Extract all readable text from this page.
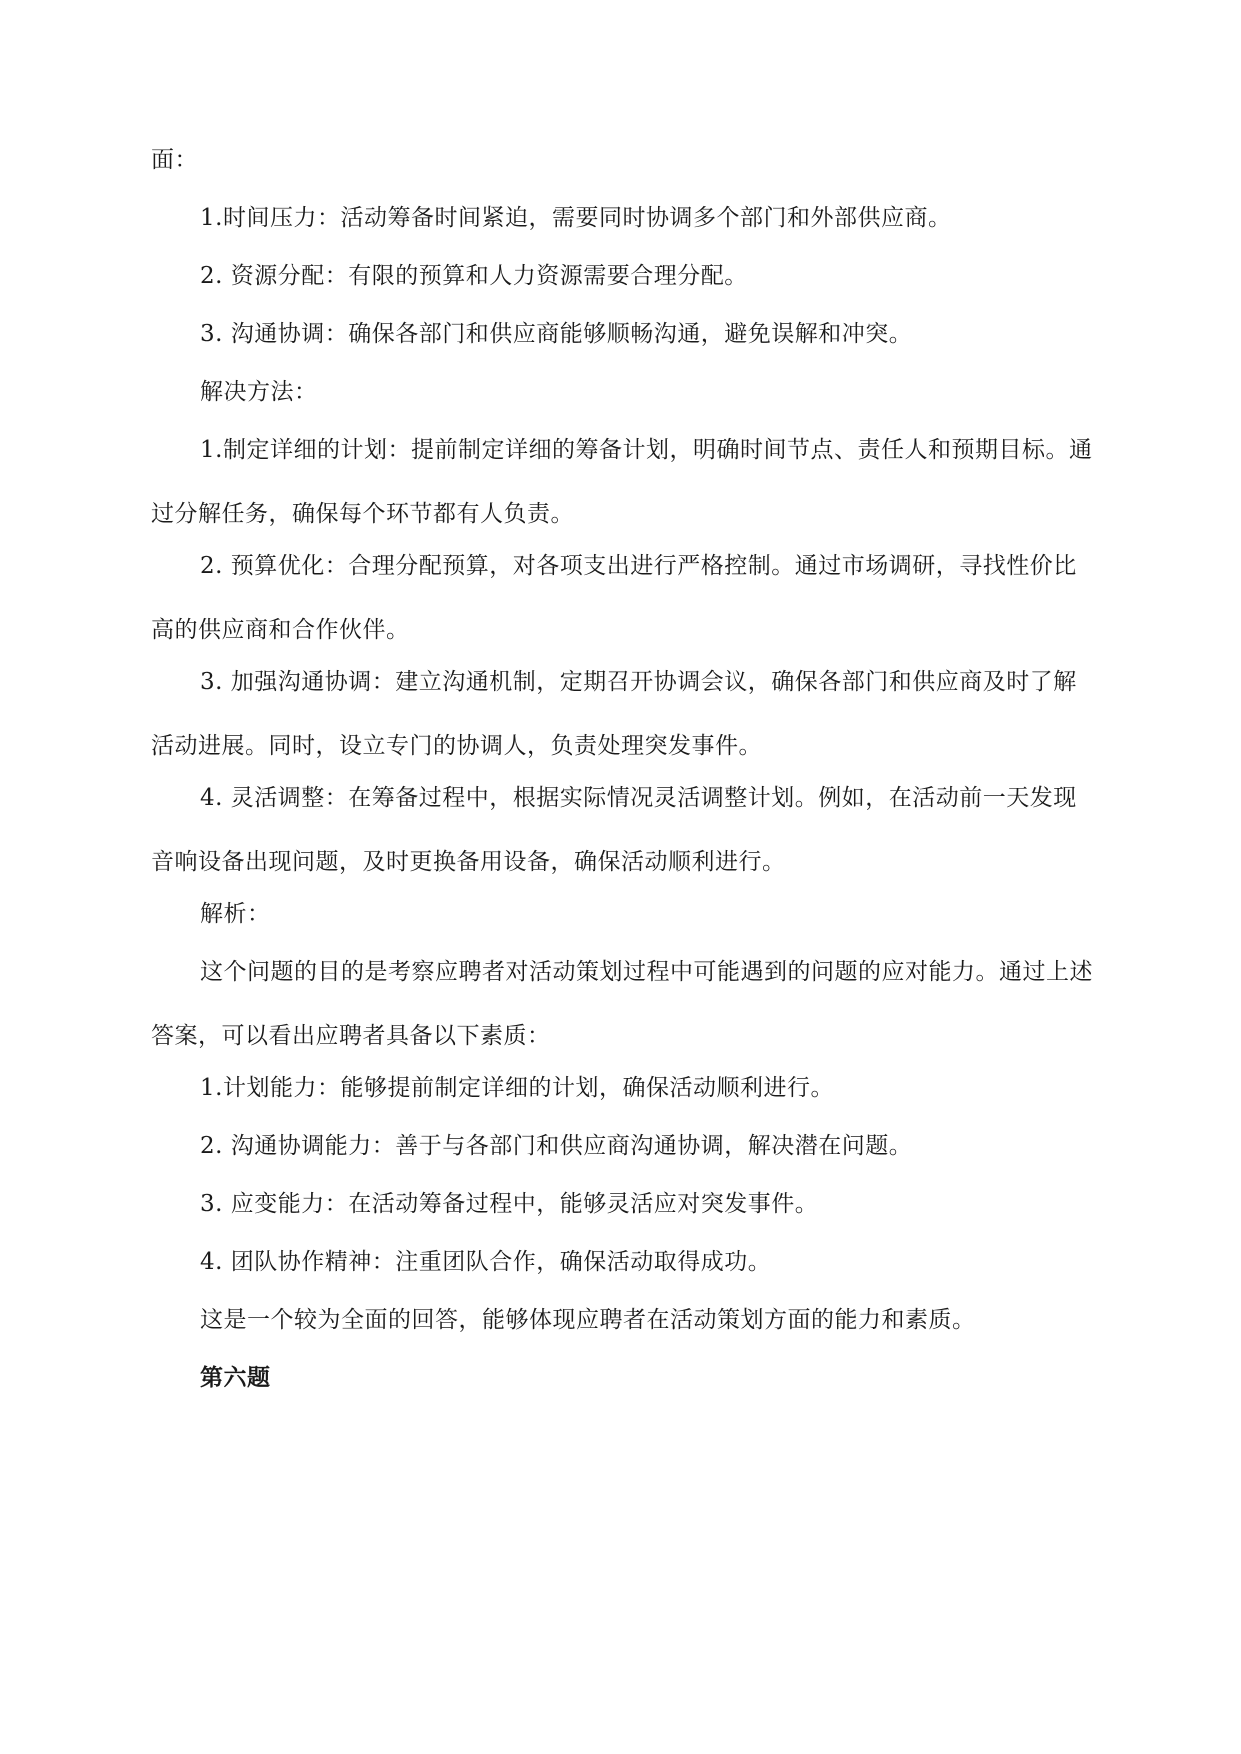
面：

1.时间压力：活动筹备时间紧迫，需要同时协调多个部门和外部供应商。

2. 资源分配：有限的预算和人力资源需要合理分配。

3. 沟通协调：确保各部门和供应商能够顺畅沟通，避免误解和冲突。

解决方法：

1.制定详细的计划：提前制定详细的筹备计划，明确时间节点、责任人和预期目标。通过分解任务，确保每个环节都有人负责。

2. 预算优化：合理分配预算，对各项支出进行严格控制。通过市场调研，寻找性价比高的供应商和合作伙伴。

3. 加强沟通协调：建立沟通机制，定期召开协调会议，确保各部门和供应商及时了解活动进展。同时，设立专门的协调人，负责处理突发事件。

4. 灵活调整：在筹备过程中，根据实际情况灵活调整计划。例如，在活动前一天发现音响设备出现问题，及时更换备用设备，确保活动顺利进行。

解析：

这个问题的目的是考察应聘者对活动策划过程中可能遇到的问题的应对能力。通过上述答案，可以看出应聘者具备以下素质：

1.计划能力：能够提前制定详细的计划，确保活动顺利进行。

2. 沟通协调能力：善于与各部门和供应商沟通协调，解决潜在问题。

3. 应变能力：在活动筹备过程中，能够灵活应对突发事件。

4. 团队协作精神：注重团队合作，确保活动取得成功。

这是一个较为全面的回答，能够体现应聘者在活动策划方面的能力和素质。

第六题
